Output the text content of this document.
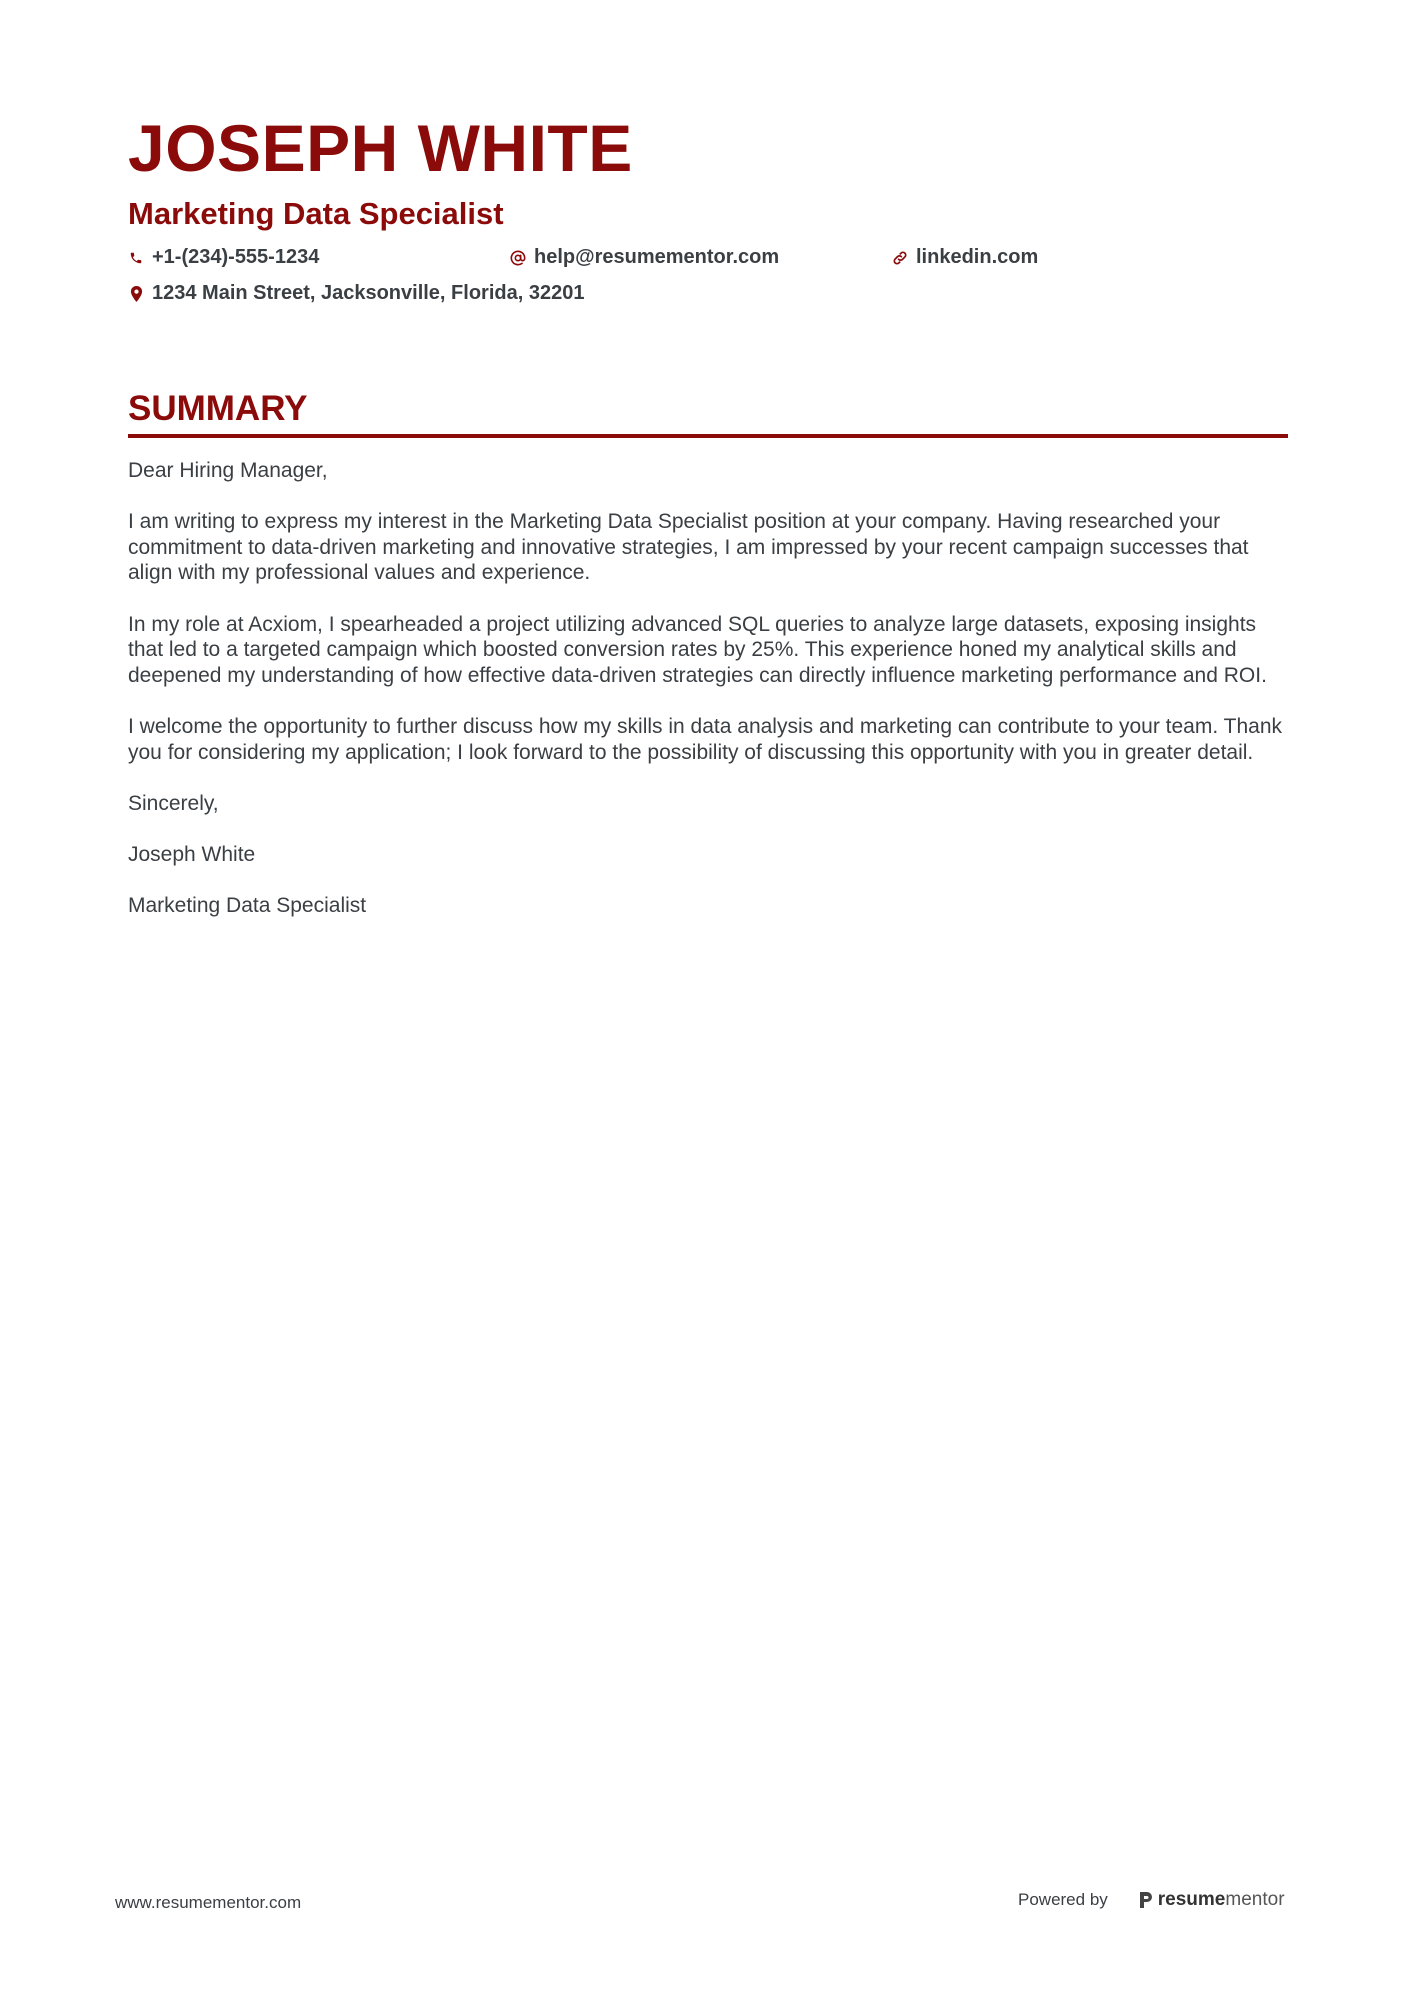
JOSEPH WHITE
Marketing Data Specialist
+1-(234)-555-1234	help@resumementor.com	linkedin.com
1234 Main Street, Jacksonville, Florida, 32201
SUMMARY

Dear Hiring Manager,

I am writing to express my interest in the Marketing Data Specialist position at your company. Having researched your commitment to data-driven marketing and innovative strategies, I am impressed by your recent campaign successes that align with my professional values and experience.

In my role at Acxiom, I spearheaded a project utilizing advanced SQL queries to analyze large datasets, exposing insights that led to a targeted campaign which boosted conversion rates by 25%. This experience honed my analytical skills and deepened my understanding of how effective data-driven strategies can directly influence marketing performance and ROI.

I welcome the opportunity to further discuss how my skills in data analysis and marketing can contribute to your team. Thank you for considering my application; I look forward to the possibility of discussing this opportunity with you in greater detail.

Sincerely,

Joseph White

Marketing Data Specialist

www.resumementor.com	Powered by	resume mentor
